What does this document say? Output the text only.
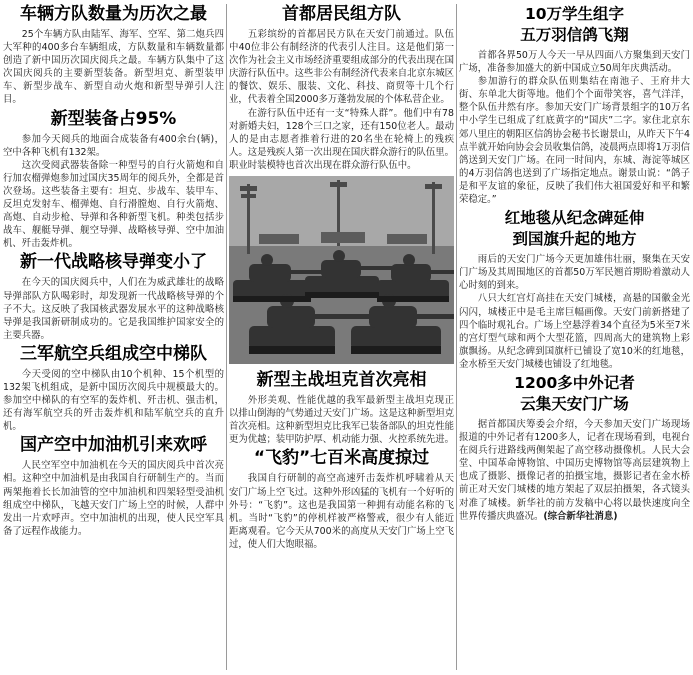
车辆方队数量为历次之最

25个车辆方队由陆军、海军、空军、第二炮兵四大军种的400多台车辆组成，方队数量和车辆数量都创造了新中国历次国庆阅兵之最。车辆方队集中了这次国庆阅兵的主要新型装备。新型坦克、新型装甲车、新型步战车、新型自动火炮和新型导弹引人注目。

新型装备占95%

参加今天阅兵的地面合成装备有400余台(辆)，空中各种飞机有132架。

这次受阅武器装备除一种型号的自行火箭炮和自行加农榴弹炮参加过国庆35周年的阅兵外，全都是首次登场。这些装备主要有：坦克、步战车、装甲车、反坦克发射车、榴弹炮、自行滑膛炮、自行火箭炮、高炮、自动步枪、导弹和各种新型飞机。种类包括步战车、舰艇导弹、舰空导弹、战略核导弹、空中加油机、歼击轰炸机。

新一代战略核导弹变小了

在今天的国庆阅兵中，人们在为威武雄壮的战略导弹部队方队喝彩时，却发现新一代战略核导弹的个子不大。这反映了我国核武器发展水平的这种战略核导弹是我国新研制成功的。它是我国维护国家安全的主要兵器。

三军航空兵组成空中梯队

今天受阅的空中梯队由10个机种、15个机型的132架飞机组成，是新中国历次阅兵中规模最大的。参加空中梯队的有空军的轰炸机、歼击机、强击机，还有海军航空兵的歼击轰炸机和陆军航空兵的直升机。

国产空中加油机引来欢呼

人民空军空中加油机在今天的国庆阅兵中首次亮相。这种空中加油机是由我国自行研制生产的。当而两架拖着长长加油管的空中加油机和四架轻型受油机组成空中梯队，飞越天安门广场上空的时候，人群中发出一片欢呼声。空中加油机的出现，使人民空军具备了远程作战能力。

首都居民组方队

五彩缤纷的首都居民方队在天安门前通过。队伍中40位非公有制经济的代表引人注目。这是他们第一次作为社会主义市场经济重要组成部分的代表出现在国庆游行队伍中。这些非公有制经济代表来自北京东城区的餐饮、娱乐、服装、文化、科技、商贸等十几个行业，代表着全国2000多万蓬勃发展的个体私营企业。

在游行队伍中还有一支“特殊人群”。他们中有78对新婚夫妇，128个三口之家，还有150位老人。最动人的是由志愿者推着行进的20名坐在轮椅上的残疾人。这是残疾人第一次出现在国庆群众游行的队伍里。职业时装模特也首次出现在群众游行队伍中。

新型主战坦克首次亮相

外形美观、性能优越的我军最新型主战坦克现正以排山倒海的气势通过天安门广场。这是这种新型坦克首次亮相。这种新型坦克比我军已装备部队的坦克性能更为优越；装甲防护厚、机动能力强、火控系统先进。

“飞豹”七百米高度掠过

我国自行研制的高空高速歼击轰炸机呼啸着从天安门广场上空飞过。这种外形凶猛的飞机有一个好听的外号：“飞豹”。这也是我国第一种拥有动能名称的飞机。当时“飞豹”的停机样被严格警戒，很少有人能近距离观看。它今天从700米的高度从天安门广场上空飞过，使人们大饱眼福。

10万学生组字
五万羽信鸽飞翔

首都各界50万人今天一早从四面八方聚集到天安门广场，准备参加盛大的新中国成立50周年庆典活动。

参加游行的群众队伍则集结在南池子、王府井大街、东单北大街等地。他们个个面带笑容，喜气洋洋，整个队伍井然有序。参加天安门广场背景组字的10万名中小学生已组成了红底黄字的“国庆”二字。家住北京东郊八里庄的朝阳区信鸽协会秘书长谢景山，从昨天下午4点半就开始向协会会员收集信鸽，凌晨两点即将1万羽信鸽送到天安门广场。在同一时间内，东城、海淀等城区的4万羽信鸽也送到了广场指定地点。谢景山说：“鸽子是和平友谊的象征，反映了我们伟大祖国爱好和平和繁荣稳定。”

红地毯从纪念碑延伸
到国旗升起的地方

雨后的天安门广场今天更加雄伟壮丽，聚集在天安门广场及其周围地区的首都50万军民翘首期盼着激动人心时刻的到来。

八只大红宫灯高挂在天安门城楼，高悬的国徽金光闪闪，城楼正中是毛主席巨幅画像。天安门前新搭建了四个临时观礼台。广场上空悬浮着34个直径为5米至7米的宫灯型气球和两个大型花篮，四周高大的建筑物上彩旗飘扬。从纪念碑到国旗杆已铺设了宽10米的红地毯，金水桥至天安门城楼也铺设了红地毯。

1200多中外记者
云集天安门广场

据首都国庆筹委会介绍，今天参加天安门广场现场报道的中外记者有1200多人，记者在现场看到，电视台在阅兵行进路线两侧架起了高空移动摄像机。人民大会堂、中国革命博物馆、中国历史博物馆等高层建筑物上也成了摄影、摄像记者的拍摄宝地，摄影记者在金水桥前正对天安门城楼的地方架起了双层拍摄架，各式镜头对准了城楼。新华社的前方发稿中心将以最快速度向全世界传播庆典盛况。(综合新华社消息)
